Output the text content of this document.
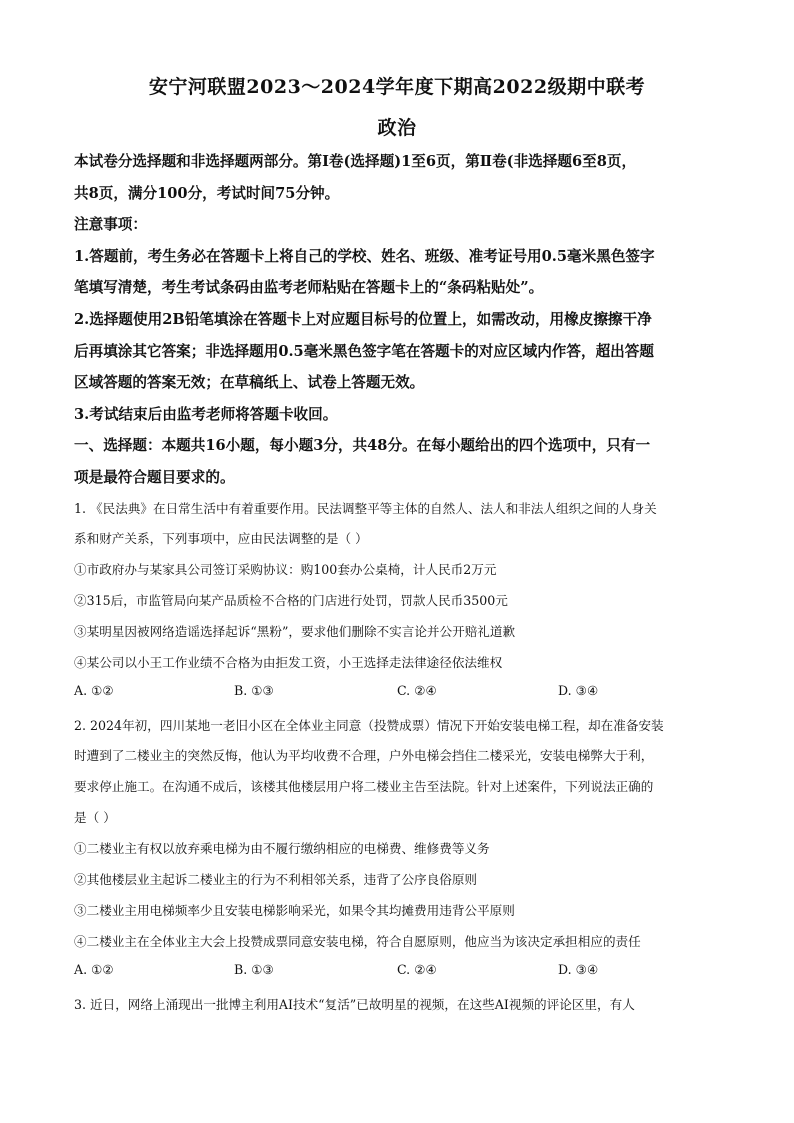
安宁河联盟2023～2024学年度下期高2022级期中联考
政治
本试卷分选择题和非选择题两部分。第Ⅰ卷(选择题)1至6页，第Ⅱ卷(非选择题6至8页，
共8页，满分100分，考试时间75分钟。
注意事项：
1.答题前，考生务必在答题卡上将自己的学校、姓名、班级、准考证号用0.5毫米黑色签字
笔填写清楚，考生考试条码由监考老师粘贴在答题卡上的“条码粘贴处”。
2.选择题使用2B铅笔填涂在答题卡上对应题目标号的位置上，如需改动，用橡皮擦擦干净
后再填涂其它答案；非选择题用0.5毫米黑色签字笔在答题卡的对应区域内作答，超出答题
区域答题的答案无效；在草稿纸上、试卷上答题无效。
3.考试结束后由监考老师将答题卡收回。
一、选择题：本题共16小题，每小题3分，共48分。在每小题给出的四个选项中，只有一
项是最符合题目要求的。
1. 《民法典》在日常生活中有着重要作用。民法调整平等主体的自然人、法人和非法人组织之间的人身关
系和财产关系，下列事项中，应由民法调整的是（ ）
①市政府办与某家具公司签订采购协议：购100套办公桌椅，计人民币2万元
②315后，市监管局向某产品质检不合格的门店进行处罚，罚款人民币3500元
③某明星因被网络造谣选择起诉“黑粉”，要求他们删除不实言论并公开赔礼道歉
④某公司以小王工作业绩不合格为由拒发工资，小王选择走法律途径依法维权
A. ①②	B. ①③	C. ②④	D. ③④
2. 2024年初，四川某地一老旧小区在全体业主同意（投赞成票）情况下开始安装电梯工程，却在准备安装
时遭到了二楼业主的突然反悔，他认为平均收费不合理，户外电梯会挡住二楼采光，安装电梯弊大于利，
要求停止施工。在沟通不成后，该楼其他楼层用户将二楼业主告至法院。针对上述案件，下列说法正确的
是（ ）
①二楼业主有权以放弃乘电梯为由不履行缴纳相应的电梯费、维修费等义务
②其他楼层业主起诉二楼业主的行为不利相邻关系，违背了公序良俗原则
③二楼业主用电梯频率少且安装电梯影响采光，如果令其均摊费用违背公平原则
④二楼业主在全体业主大会上投赞成票同意安装电梯，符合自愿原则，他应当为该决定承担相应的责任
A. ①②	B. ①③	C. ②④	D. ③④
3. 近日，网络上涌现出一批博主利用AI技术“复活”已故明星的视频，在这些AI视频的评论区里，有人
